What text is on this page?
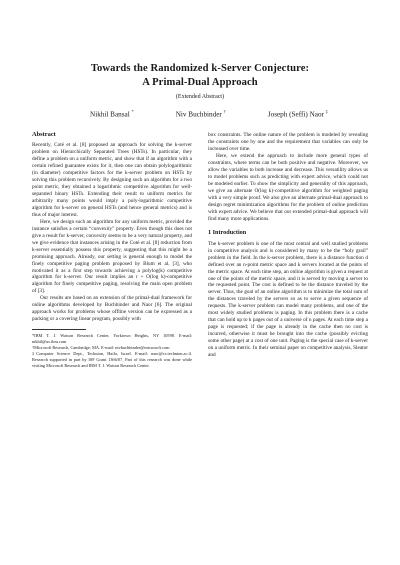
Towards the Randomized k-Server Conjecture:
A Primal-Dual Approach
(Extended Abstract)
Nikhil Bansal *	Niv Buchbinder †	Joseph (Seffi) Naor ‡
Abstract

Recently, Coté et al. [8] proposed an approach for solving the k-server problem on Hierarchically Separated Trees (HSTs). In particular, they define a problem on a uniform metric, and show that if an algorithm with a certain refined guarantee exists for it, then one can obtain polylogarithmic (in diameter) competitive factors for the k-server problem on HSTs by solving this problem recursively. By designing such an algorithm for a two point metric, they obtained a logarithmic competitive algorithm for well-separated binary HSTs. Extending their result to uniform metrics for arbitrarily many points would imply a poly-logarithmic competitive algorithm for k-server on general HSTs (and hence general metrics) and is thus of major interest.

Here, we design such an algorithm for any uniform metric, provided the instance satisfies a certain “convexity” property. Even though this does not give a result for k-server, convexity seems to be a very natural property, and we give evidence that instances arising in the Coté et al. [8] reduction from k-server essentially possess this property, suggesting that this might be a promising approach. Already, our setting is general enough to model the finely competitive paging problem proposed by Blum et al. [3], who motivated it as a first step towards achieving a polylog(k) competitive algorithm for k-server. Our result implies an r + O(log k)-competitive algorithm for finely competitive paging, resolving the main open problem of [3].

Our results are based on an extension of the primal-dual framework for online algorithms developed by Buchbinder and Naor [6]. The original approach works for problems whose offline version can be expressed as a packing or a covering linear program, possibly with

*IBM T. J. Watson Research Center, Yorktown Heights, NY 10598. E-mail: nikhil@us.ibm.com

†Microsoft Research, Cambridge, MA. E-mail: nivbuchbinder@microsoft.com

‡Computer Science Dept., Technion, Haifa, Israel. E-mail: naor@cs.technion.ac.il. Research supported in part by ISF Grant 1366/07. Part of this research was done while visiting Microsoft Research and IBM T. J. Watson Research Center.

box constraints. The online nature of the problem is modeled by revealing the constraints one by one and the requirement that variables can only be increased over time.

Here, we extend the approach to include more general types of constraints, where terms can be both positive and negative. Moreover, we allow the variables to both increase and decrease. This versatility allows us to model problems such as predicting with expert advice, which could not be modeled earlier. To show the simplicity and generality of this approach, we give an alternate O(log k)-competitive algorithm for weighted paging with a very simple proof. We also give an alternate primal-dual approach to design regret minimization algorithms for the problem of online prediction with expert advice. We believe that our extended primal-dual approach will find many more applications.

1 Introduction

The k-server problem is one of the most central and well studied problems in competitive analysis and is considered by many to be the “holy grail” problem in the field. In the k-server problem, there is a distance function d defined over an n-point metric space and k servers located at the points of the metric space. At each time step, an online algorithm is given a request at one of the points of the metric space, and it is served by moving a server to the requested point. The cost is defined to be the distance traveled by the server. Thus, the goal of an online algorithm is to minimize the total sum of the distances traveled by the servers so as to serve a given sequence of requests. The k-server problem can model many problems, and one of the most widely studied problems is paging. In this problem there is a cache that can hold up to k pages out of a universe of n pages. At each time step a page is requested; if the page is already in the cache then no cost is incurred, otherwise it must be brought into the cache (possibly evicting some other page) at a cost of one unit. Paging is the special case of k-server on a uniform metric. In their seminal paper on competitive analysis, Sleator and
